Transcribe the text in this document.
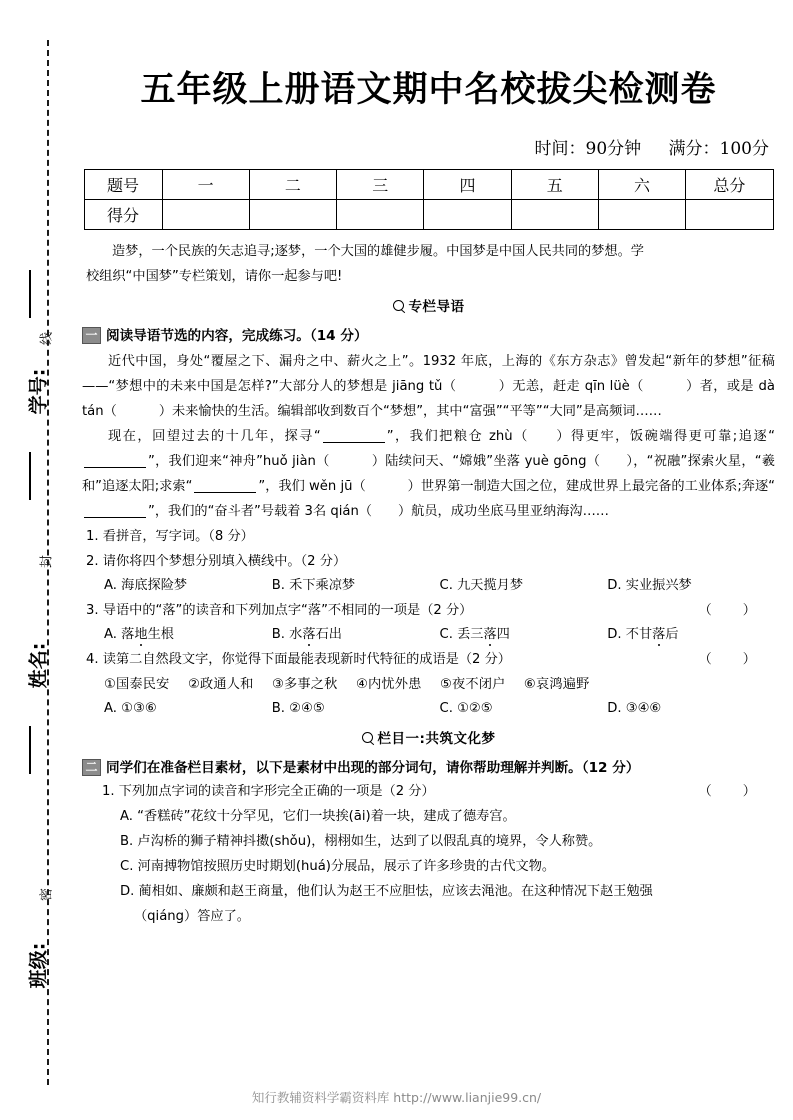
学号:
线
姓名:
封
班级:
密
五年级上册语文期中名校拔尖检测卷
时间：90分钟 满分：100分
题号	一	二	三	四	五	六	总分
得分							

造梦，一个民族的矢志追寻;逐梦，一个大国的雄健步履。中国梦是中国人民共同的梦想。学

校组织“中国梦”专栏策划，请你一起参与吧!

专栏导语
一 阅读导语节选的内容，完成练习。（14 分）

近代中国，身处“覆屋之下、漏舟之中、薪火之上”。1932 年底，上海的《东方杂志》曾发起“新年的梦想”征稿——“梦想中的未来中国是怎样?”大部分人的梦想是 jiāng tǔ（	）无恙，赶走 qīn lüè（	）者，或是 dà tán（	）未来愉快的生活。编辑部收到数百个“梦想”，其中“富强”“平等”“大同”是高频词……

现在，回望过去的十几年，探寻“	”，我们把粮仓 zhù（ ）得更牢，饭碗端得更可靠;追逐“”，我们迎来“神舟”huǒ jiàn（	）陆续问天、“嫦娥”坐落 yuè gōng（ ），“祝融”探索火星，“羲和”追逐太阳;求索“	”，我们 wěn jū（	）世界第一制造大国之位，建成世界上最完备的工业体系;奔逐“”，我们的“奋斗者”号载着 3名 qián（ ）航员，成功坐底马里亚纳海沟……

1. 看拼音，写字词。（8 分）
2. 请你将四个梦想分别填入横线中。（2 分）
A. 海底探险梦	B. 禾下乘凉梦	C. 九天揽月梦	D. 实业振兴梦
3. 导语中的“落”的读音和下列加点字“落”不相同的一项是（2 分）	（　）
A. 落地生根	B. 水落石出	C. 丢三落四	D. 不甘落后
4. 读第二自然段文字，你觉得下面最能表现新时代特征的成语是（2 分）	（　）
①国泰民安 ②政通人和 ③多事之秋 ④内忧外患 ⑤夜不闭户 ⑥哀鸿遍野
A. ①③⑥	B. ②④⑤	C. ①②⑤	D. ③④⑥
栏目一:共筑文化梦
二 同学们在准备栏目素材，以下是素材中出现的部分词句，请你帮助理解并判断。（12 分）
1. 下列加点字词的读音和字形完全正确的一项是（2 分）	（　）
A. “香糕砖”花纹十分罕见，它们一块挨(āi)着一块，建成了德寿宫。
B. 卢沟桥的狮子精神抖擞(shǒu)，栩栩如生，达到了以假乱真的境界，令人称赞。
C. 河南搏物馆按照历史时期划(huá)分展品，展示了许多珍贵的古代文物。
D. 蔺相如、廉颇和赵王商量，他们认为赵王不应胆怯，应该去渑池。在这种情况下赵王勉强
（qiáng）答应了。
知行教辅资料学霸资料库 http://www.lianjie99.cn/
